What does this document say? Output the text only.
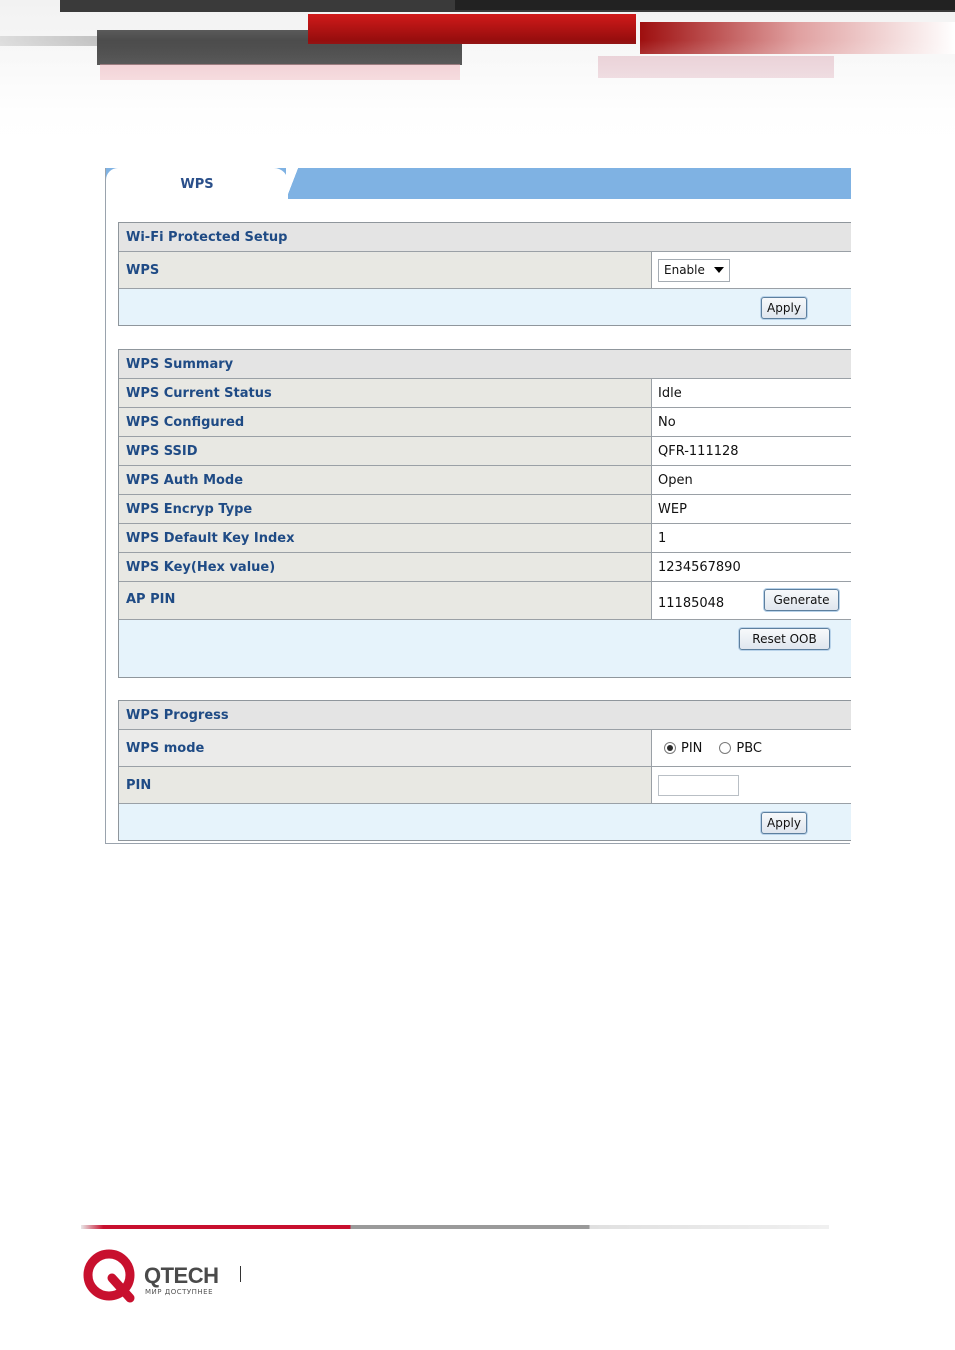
WPS
Wi-Fi Protected Setup
WPS	Enable
Apply
WPS Summary
WPS Current Status	Idle
WPS Configured	No
WPS SSID	QFR-111128
WPS Auth Mode	Open
WPS Encryp Type	WEP
WPS Default Key Index	1
WPS Key(Hex value)	1234567890
AP PIN	11185048	Generate
Reset OOB
WPS Progress
WPS mode	PIN	PBC
PIN
Apply
QTECH
МИР ДОСТУПНЕЕ
